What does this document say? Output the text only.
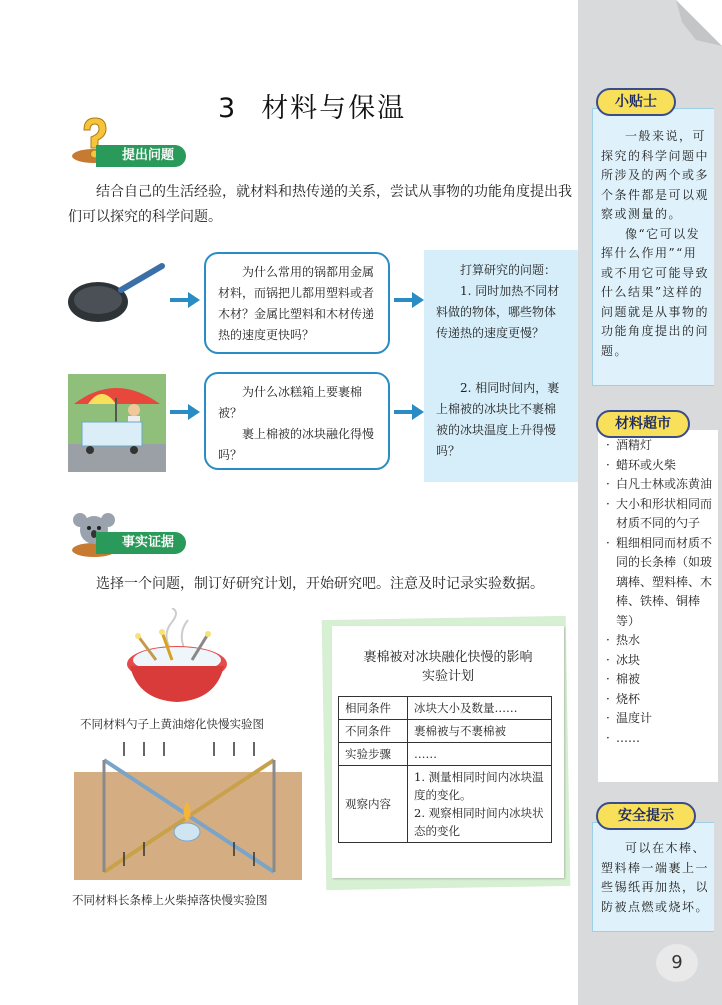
一般来说，可探究的科学问题中所涉及的两个或多个条件都是可以观察或测量的。
像“它可以发挥什么作用”“用或不用它可能导致什么结果”这样的问题就是从事物的功能角度提出的问题。
小贴士
· 酒精灯
· 蜡环或火柴
· 白凡士林或冻黄油
· 大小和形状相同而材质不同的勺子
· 粗细相同而材质不同的长条棒（如玻璃棒、塑料棒、木棒、铁棒、铜棒等）
· 热水
· 冰块
· 棉被
· 烧杯
· 温度计
· ……
材料超市
可以在木棒、塑料棒一端裹上一些锡纸再加热，以防被点燃或烧坏。
安全提示
9
3 材料与保温
提出问题
结合自己的生活经验，就材料和热传递的关系，尝试从事物的功能角度提出我们可以探究的科学问题。
为什么常用的锅都用金属材料，而锅把儿都用塑料或者木材？金属比塑料和木材传递热的速度更快吗？
为什么冰糕箱上要裹棉被？
裹上棉被的冰块融化得慢吗？
打算研究的问题：
1. 同时加热不同材料做的物体，哪些物体传递热的速度更慢？
2. 相同时间内，裹上棉被的冰块比不裹棉被的冰块温度上升得慢吗？
事实证据
选择一个问题，制订好研究计划，开始研究吧。注意及时记录实验数据。
不同材料勺子上黄油熔化快慢实验图
不同材料长条棒上火柴掉落快慢实验图
裹棉被对冰块融化快慢的影响
实验计划
相同条件	冰块大小及数量……
不同条件	裹棉被与不裹棉被
实验步骤	……
观察内容	1. 测量相同时间内冰块温度的变化。
2. 观察相同时间内冰块状态的变化
